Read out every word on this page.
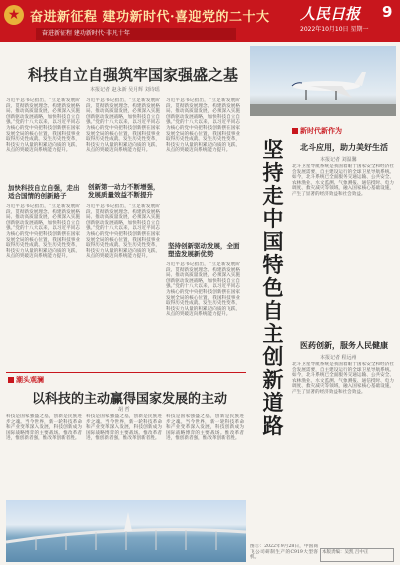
★ 奋进新征程 建功新时代·喜迎党的二十大
奋进新征程 建功新时代·非凡十年
人民日报 9
2022年10月10日 星期一
科技自立自强筑牢国家强盛之基
本报记者 赵永新 吴月辉 刘诗瑶
习近平总书记指出，“立足新发展阶段、贯彻新发展理念、构建新发展格局、推动高质量发展，必须深入实施创新驱动发展战略，加快科技自立自强。”党的十八大以来，以习近平同志为核心的党中央把科技创新摆在国家发展全局的核心位置，我国科技事业取得历史性成就、发生历史性变革，科技实力从量的积累迈向质的飞跃、从点的突破迈向系统能力提升。
加快科技自立自强，走出适合国情的创新路子
习近平总书记指出，“立足新发展阶段、贯彻新发展理念、构建新发展格局、推动高质量发展，必须深入实施创新驱动发展战略，加快科技自立自强。”党的十八大以来，以习近平同志为核心的党中央把科技创新摆在国家发展全局的核心位置，我国科技事业取得历史性成就、发生历史性变革，科技实力从量的积累迈向质的飞跃、从点的突破迈向系统能力提升。
习近平总书记指出，“立足新发展阶段、贯彻新发展理念、构建新发展格局、推动高质量发展，必须深入实施创新驱动发展战略，加快科技自立自强。”党的十八大以来，以习近平同志为核心的党中央把科技创新摆在国家发展全局的核心位置，我国科技事业取得历史性成就、发生历史性变革，科技实力从量的积累迈向质的飞跃、从点的突破迈向系统能力提升。
创新第一动力不断增强，发展质量效益不断提升
习近平总书记指出，“立足新发展阶段、贯彻新发展理念、构建新发展格局、推动高质量发展，必须深入实施创新驱动发展战略，加快科技自立自强。”党的十八大以来，以习近平同志为核心的党中央把科技创新摆在国家发展全局的核心位置，我国科技事业取得历史性成就、发生历史性变革，科技实力从量的积累迈向质的飞跃、从点的突破迈向系统能力提升。
习近平总书记指出，“立足新发展阶段、贯彻新发展理念、构建新发展格局、推动高质量发展，必须深入实施创新驱动发展战略，加快科技自立自强。”党的十八大以来，以习近平同志为核心的党中央把科技创新摆在国家发展全局的核心位置，我国科技事业取得历史性成就、发生历史性变革，科技实力从量的积累迈向质的飞跃、从点的突破迈向系统能力提升。
坚持创新驱动发展，全面塑造发展新优势
习近平总书记指出，“立足新发展阶段、贯彻新发展理念、构建新发展格局、推动高质量发展，必须深入实施创新驱动发展战略，加快科技自立自强。”党的十八大以来，以习近平同志为核心的党中央把科技创新摆在国家发展全局的核心位置，我国科技事业取得历史性成就、发生历史性变革，科技实力从量的积累迈向质的飞跃、从点的突破迈向系统能力提升。
坚持走中国特色自主创新道路
新时代新作为
北斗应用，助力美好生活
本报记者 刘温馨
北斗卫星导航系统是我国着眼于国家安全和经济社会发展需要，自主建设运行的全球卫星导航系统。如今，北斗系统已全面服务交通运输、公共安全、农林渔业、水文监测、气象测报、通信授时、电力调度、救灾减灾等领域，融入国家核心基础设施，产生了显著的经济效益和社会效益。
医药创新，服务人民健康
本报记者 程远州
北斗卫星导航系统是我国着眼于国家安全和经济社会发展需要，自主建设运行的全球卫星导航系统。如今，北斗系统已全面服务交通运输、公共安全、农林渔业、水文监测、气象测报、通信授时、电力调度、救灾减灾等领域，融入国家核心基础设施，产生了显著的经济效益和社会效益。
潮头观澜
以科技的主动赢得国家发展的主动
胡 哲
科技是国家强盛之基，创新是民族进步之魂。当今世界，新一轮科技革命和产业变革深入发展，科技创新成为国际战略博弈的主要战场。惟改革者进，惟创新者强，惟改革创新者胜。
科技是国家强盛之基，创新是民族进步之魂。当今世界，新一轮科技革命和产业变革深入发展，科技创新成为国际战略博弈的主要战场。惟改革者进，惟创新者强，惟改革创新者胜。
科技是国家强盛之基，创新是民族进步之魂。当今世界，新一轮科技革命和产业变革深入发展，科技创新成为国际战略博弈的主要战场。惟改革者进，惟创新者强，惟改革创新者胜。
图①：2022年9月28日，中国商飞公司研制生产的C919大型客机。
本版责编：吴凯 吕中正
